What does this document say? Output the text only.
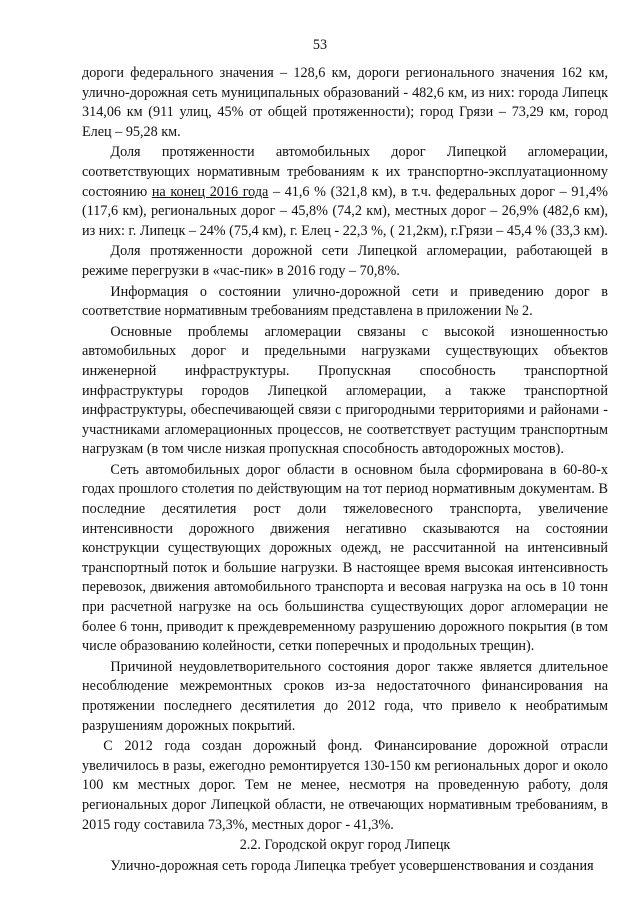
53

дороги федерального значения – 128,6 км, дороги регионального значения 162 км, улично-дорожная сеть муниципальных образований - 482,6 км, из них: города Липецк 314,06 км (911 улиц, 45% от общей протяженности); город Грязи – 73,29 км, город Елец – 95,28 км.

Доля протяженности автомобильных дорог Липецкой агломерации, соответствующих нормативным требованиям к их транспортно-эксплуатационному состоянию на конец 2016 года – 41,6 % (321,8 км), в т.ч. федеральных дорог – 91,4% (117,6 км), региональных дорог – 45,8% (74,2 км), местных дорог – 26,9% (482,6 км), из них: г. Липецк – 24% (75,4 км), г. Елец - 22,3 %, ( 21,2км), г.Грязи – 45,4 % (33,3 км).

Доля протяженности дорожной сети Липецкой агломерации, работающей в режиме перегрузки в «час-пик» в 2016 году – 70,8%.

Информация о состоянии улично-дорожной сети и приведению дорог в соответствие нормативным требованиям представлена в приложении № 2.

Основные проблемы агломерации связаны с высокой изношенностью автомобильных дорог и предельными нагрузками существующих объектов инженерной инфраструктуры. Пропускная способность транспортной инфраструктуры городов Липецкой агломерации, а также транспортной инфраструктуры, обеспечивающей связи с пригородными территориями и районами - участниками агломерационных процессов, не соответствует растущим транспортным нагрузкам (в том числе низкая пропускная способность автодорожных мостов).

Сеть автомобильных дорог области в основном была сформирована в 60-80-х годах прошлого столетия по действующим на тот период нормативным документам. В последние десятилетия рост доли тяжеловесного транспорта, увеличение интенсивности дорожного движения негативно сказываются на состоянии конструкции существующих дорожных одежд, не рассчитанной на интенсивный транспортный поток и большие нагрузки. В настоящее время высокая интенсивность перевозок, движения автомобильного транспорта и весовая нагрузка на ось в 10 тонн при расчетной нагрузке на ось большинства существующих дорог агломерации не более 6 тонн, приводит к преждевременному разрушению дорожного покрытия (в том числе образованию колейности, сетки поперечных и продольных трещин).

Причиной неудовлетворительного состояния дорог также является длительное несоблюдение межремонтных сроков из-за недостаточного финансирования на протяжении последнего десятилетия до 2012 года, что привело к необратимым разрушениям дорожных покрытий.

С 2012 года создан дорожный фонд. Финансирование дорожной отрасли увеличилось в разы, ежегодно ремонтируется 130-150 км региональных дорог и около 100 км местных дорог. Тем не менее, несмотря на проведенную работу, доля региональных дорог Липецкой области, не отвечающих нормативным требованиям, в 2015 году составила 73,3%, местных дорог - 41,3%.

2.2. Городской округ город Липецк

Улично-дорожная сеть города Липецка требует усовершенствования и создания
